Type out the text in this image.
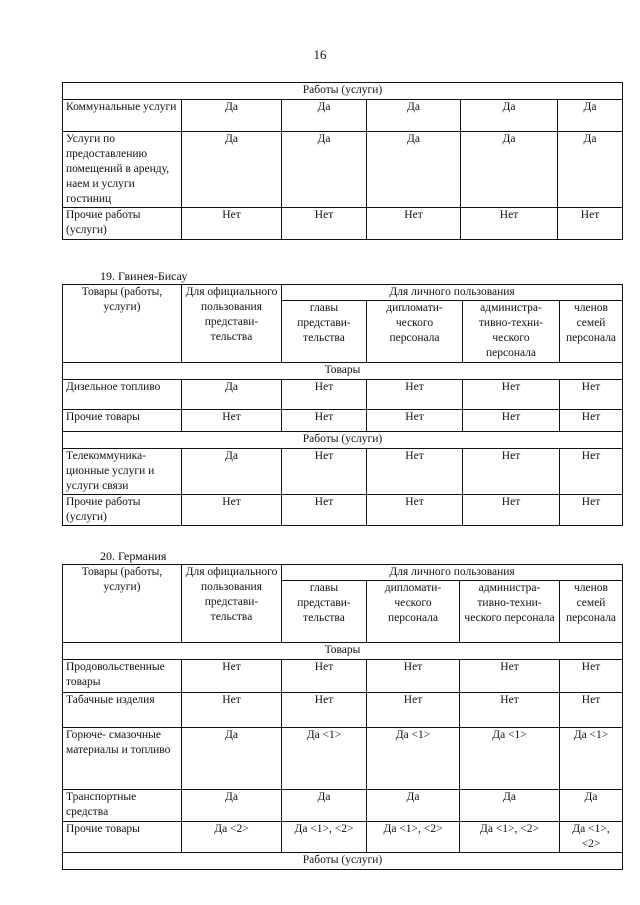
16
Работы (услуги)					
Коммунальные услуги	Да	Да	Да	Да	Да
Услуги по предоставлению помещений в аренду, наем и услуги гостиниц	Да	Да	Да	Да	Да
Прочие работы (услуги)	Нет	Нет	Нет	Нет	Нет
19. Гвинея-Бисау
Товары (работы, услуги)	Для официального пользования представи- тельства	Для личного пользования			
		главы представи- тельства	дипломати- ческого персонала	администра- тивно-техни- ческого персонала	членов семей персонала
Товары					
Дизельное топливо	Да	Нет	Нет	Нет	Нет
Прочие товары	Нет	Нет	Нет	Нет	Нет
Работы (услуги)					
Телекоммуника- ционные услуги и услуги связи	Да	Нет	Нет	Нет	Нет
Прочие работы (услуги)	Нет	Нет	Нет	Нет	Нет
20. Германия
Товары (работы, услуги)	Для официального пользования представи- тельства	Для личного пользования			
		главы представи- тельства	дипломати- ческого персонала	администра- тивно-техни- ческого персонала	членов семей персонала
Товары					
Продовольственные товары	Нет	Нет	Нет	Нет	Нет
Табачные изделия	Нет	Нет	Нет	Нет	Нет
Горюче- смазочные материалы и топливо	Да	Да <1>	Да <1>	Да <1>	Да <1>
Транспортные средства	Да	Да	Да	Да	Да
Прочие товары	Да <2>	Да <1>, <2>	Да <1>, <2>	Да <1>, <2>	Да <1>, <2>
Работы (услуги)					
